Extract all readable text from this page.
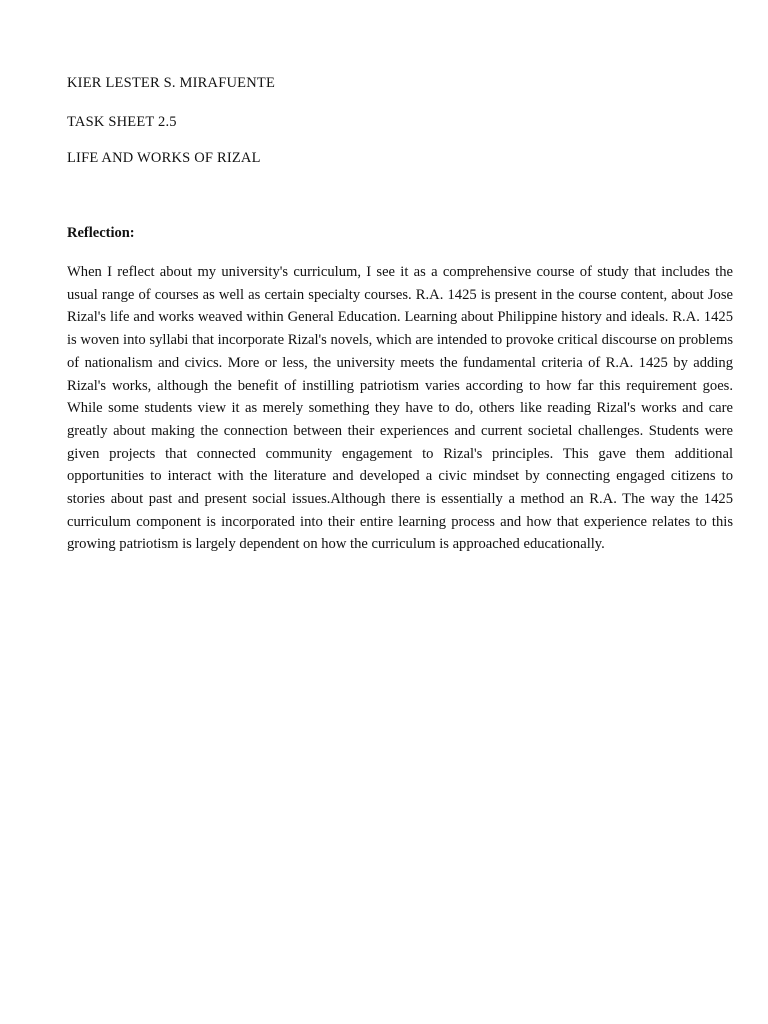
KIER LESTER S. MIRAFUENTE
TASK SHEET 2.5
LIFE AND WORKS OF RIZAL
Reflection:

When I reflect about my university's curriculum, I see it as a comprehensive course of study that includes the usual range of courses as well as certain specialty courses. R.A. 1425 is present in the course content, about Jose Rizal's life and works weaved within General Education. Learning about Philippine history and ideals. R.A. 1425 is woven into syllabi that incorporate Rizal's novels, which are intended to provoke critical discourse on problems of nationalism and civics. More or less, the university meets the fundamental criteria of R.A. 1425 by adding Rizal's works, although the benefit of instilling patriotism varies according to how far this requirement goes. While some students view it as merely something they have to do, others like reading Rizal's works and care greatly about making the connection between their experiences and current societal challenges. Students were given projects that connected community engagement to Rizal's principles. This gave them additional opportunities to interact with the literature and developed a civic mindset by connecting engaged citizens to stories about past and present social issues.Although there is essentially a method an R.A. The way the 1425 curriculum component is incorporated into their entire learning process and how that experience relates to this growing patriotism is largely dependent on how the curriculum is approached educationally.
